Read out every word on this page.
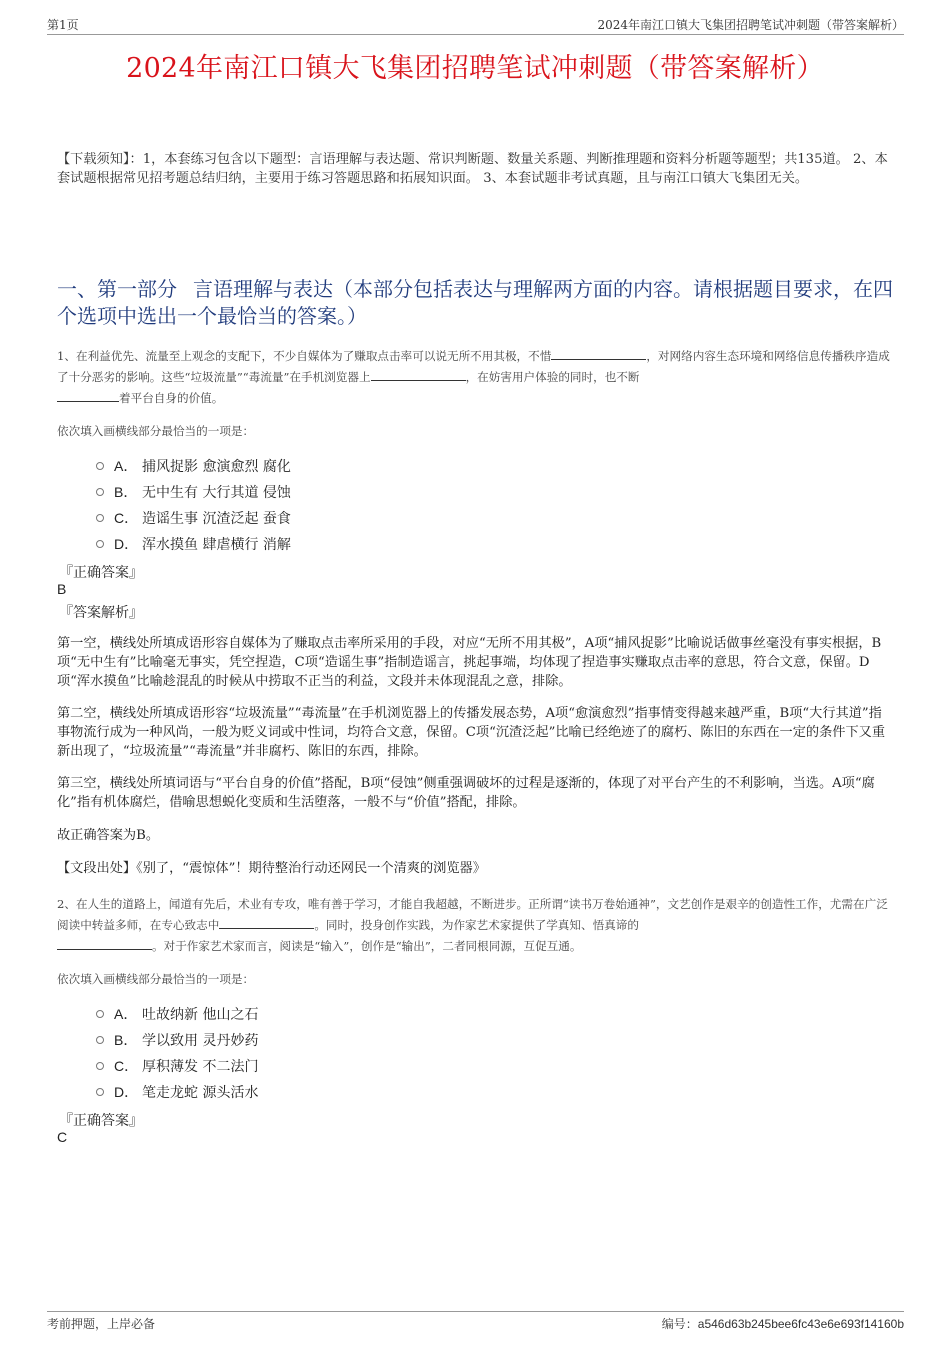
第1页	2024年南江口镇大飞集团招聘笔试冲刺题（带答案解析）
2024年南江口镇大飞集团招聘笔试冲刺题（带答案解析）
【下载须知】：1，本套练习包含以下题型：言语理解与表达题、常识判断题、数量关系题、判断推理题和资料分析题等题型；共135道。 2、本套试题根据常见招考题总结归纳，主要用于练习答题思路和拓展知识面。 3、本套试题非考试真题，且与南江口镇大飞集团无关。
一、第一部分 言语理解与表达（本部分包括表达与理解两方面的内容。请根据题目要求，在四个选项中选出一个最恰当的答案。）
1、在利益优先、流量至上观念的支配下，不少自媒体为了赚取点击率可以说无所不用其极，不惜	，对网络内容生态环境和网络信息传播秩序造成了十分恶劣的影响。这些“垃圾流量”“毒流量”在手机浏览器上	，在妨害用户体验的同时，也不断
着平台自身的价值。
依次填入画横线部分最恰当的一项是：
A． 捕风捉影 愈演愈烈 腐化
B． 无中生有 大行其道 侵蚀
C． 造谣生事 沉渣泛起 蚕食
D． 浑水摸鱼 肆虐横行 消解
『正确答案』
B
『答案解析』
第一空，横线处所填成语形容自媒体为了赚取点击率所采用的手段，对应“无所不用其极”，A项“捕风捉影”比喻说话做事丝毫没有事实根据，B项“无中生有”比喻毫无事实，凭空捏造，C项“造谣生事”指制造谣言，挑起事端，均体现了捏造事实赚取点击率的意思，符合文意，保留。D项“浑水摸鱼”比喻趁混乱的时候从中捞取不正当的利益，文段并未体现混乱之意，排除。
第二空，横线处所填成语形容“垃圾流量”“毒流量”在手机浏览器上的传播发展态势，A项“愈演愈烈”指事情变得越来越严重，B项“大行其道”指事物流行成为一种风尚，一般为贬义词或中性词，均符合文意，保留。C项“沉渣泛起”比喻已经绝迹了的腐朽、陈旧的东西在一定的条件下又重新出现了，“垃圾流量”“毒流量”并非腐朽、陈旧的东西，排除。
第三空，横线处所填词语与“平台自身的价值”搭配，B项“侵蚀”侧重强调破坏的过程是逐渐的，体现了对平台产生的不利影响，当选。A项“腐化”指有机体腐烂，借喻思想蜕化变质和生活堕落，一般不与“价值”搭配，排除。
故正确答案为B。
【文段出处】《别了，“震惊体”！期待整治行动还网民一个清爽的浏览器》
2、在人生的道路上，闻道有先后，术业有专攻，唯有善于学习，才能自我超越，不断进步。正所谓“读书万卷始通神”，文艺创作是艰辛的创造性工作，尤需在广泛阅读中转益多师，在专心致志中	。同时，投身创作实践，为作家艺术家提供了学真知、悟真谛的
。对于作家艺术家而言，阅读是“输入”，创作是“输出”，二者同根同源，互促互通。
依次填入画横线部分最恰当的一项是：
A． 吐故纳新 他山之石
B． 学以致用 灵丹妙药
C． 厚积薄发 不二法门
D． 笔走龙蛇 源头活水
『正确答案』
C
考前押题，上岸必备	编号：a546d63b245bee6fc43e6e693f14160b
